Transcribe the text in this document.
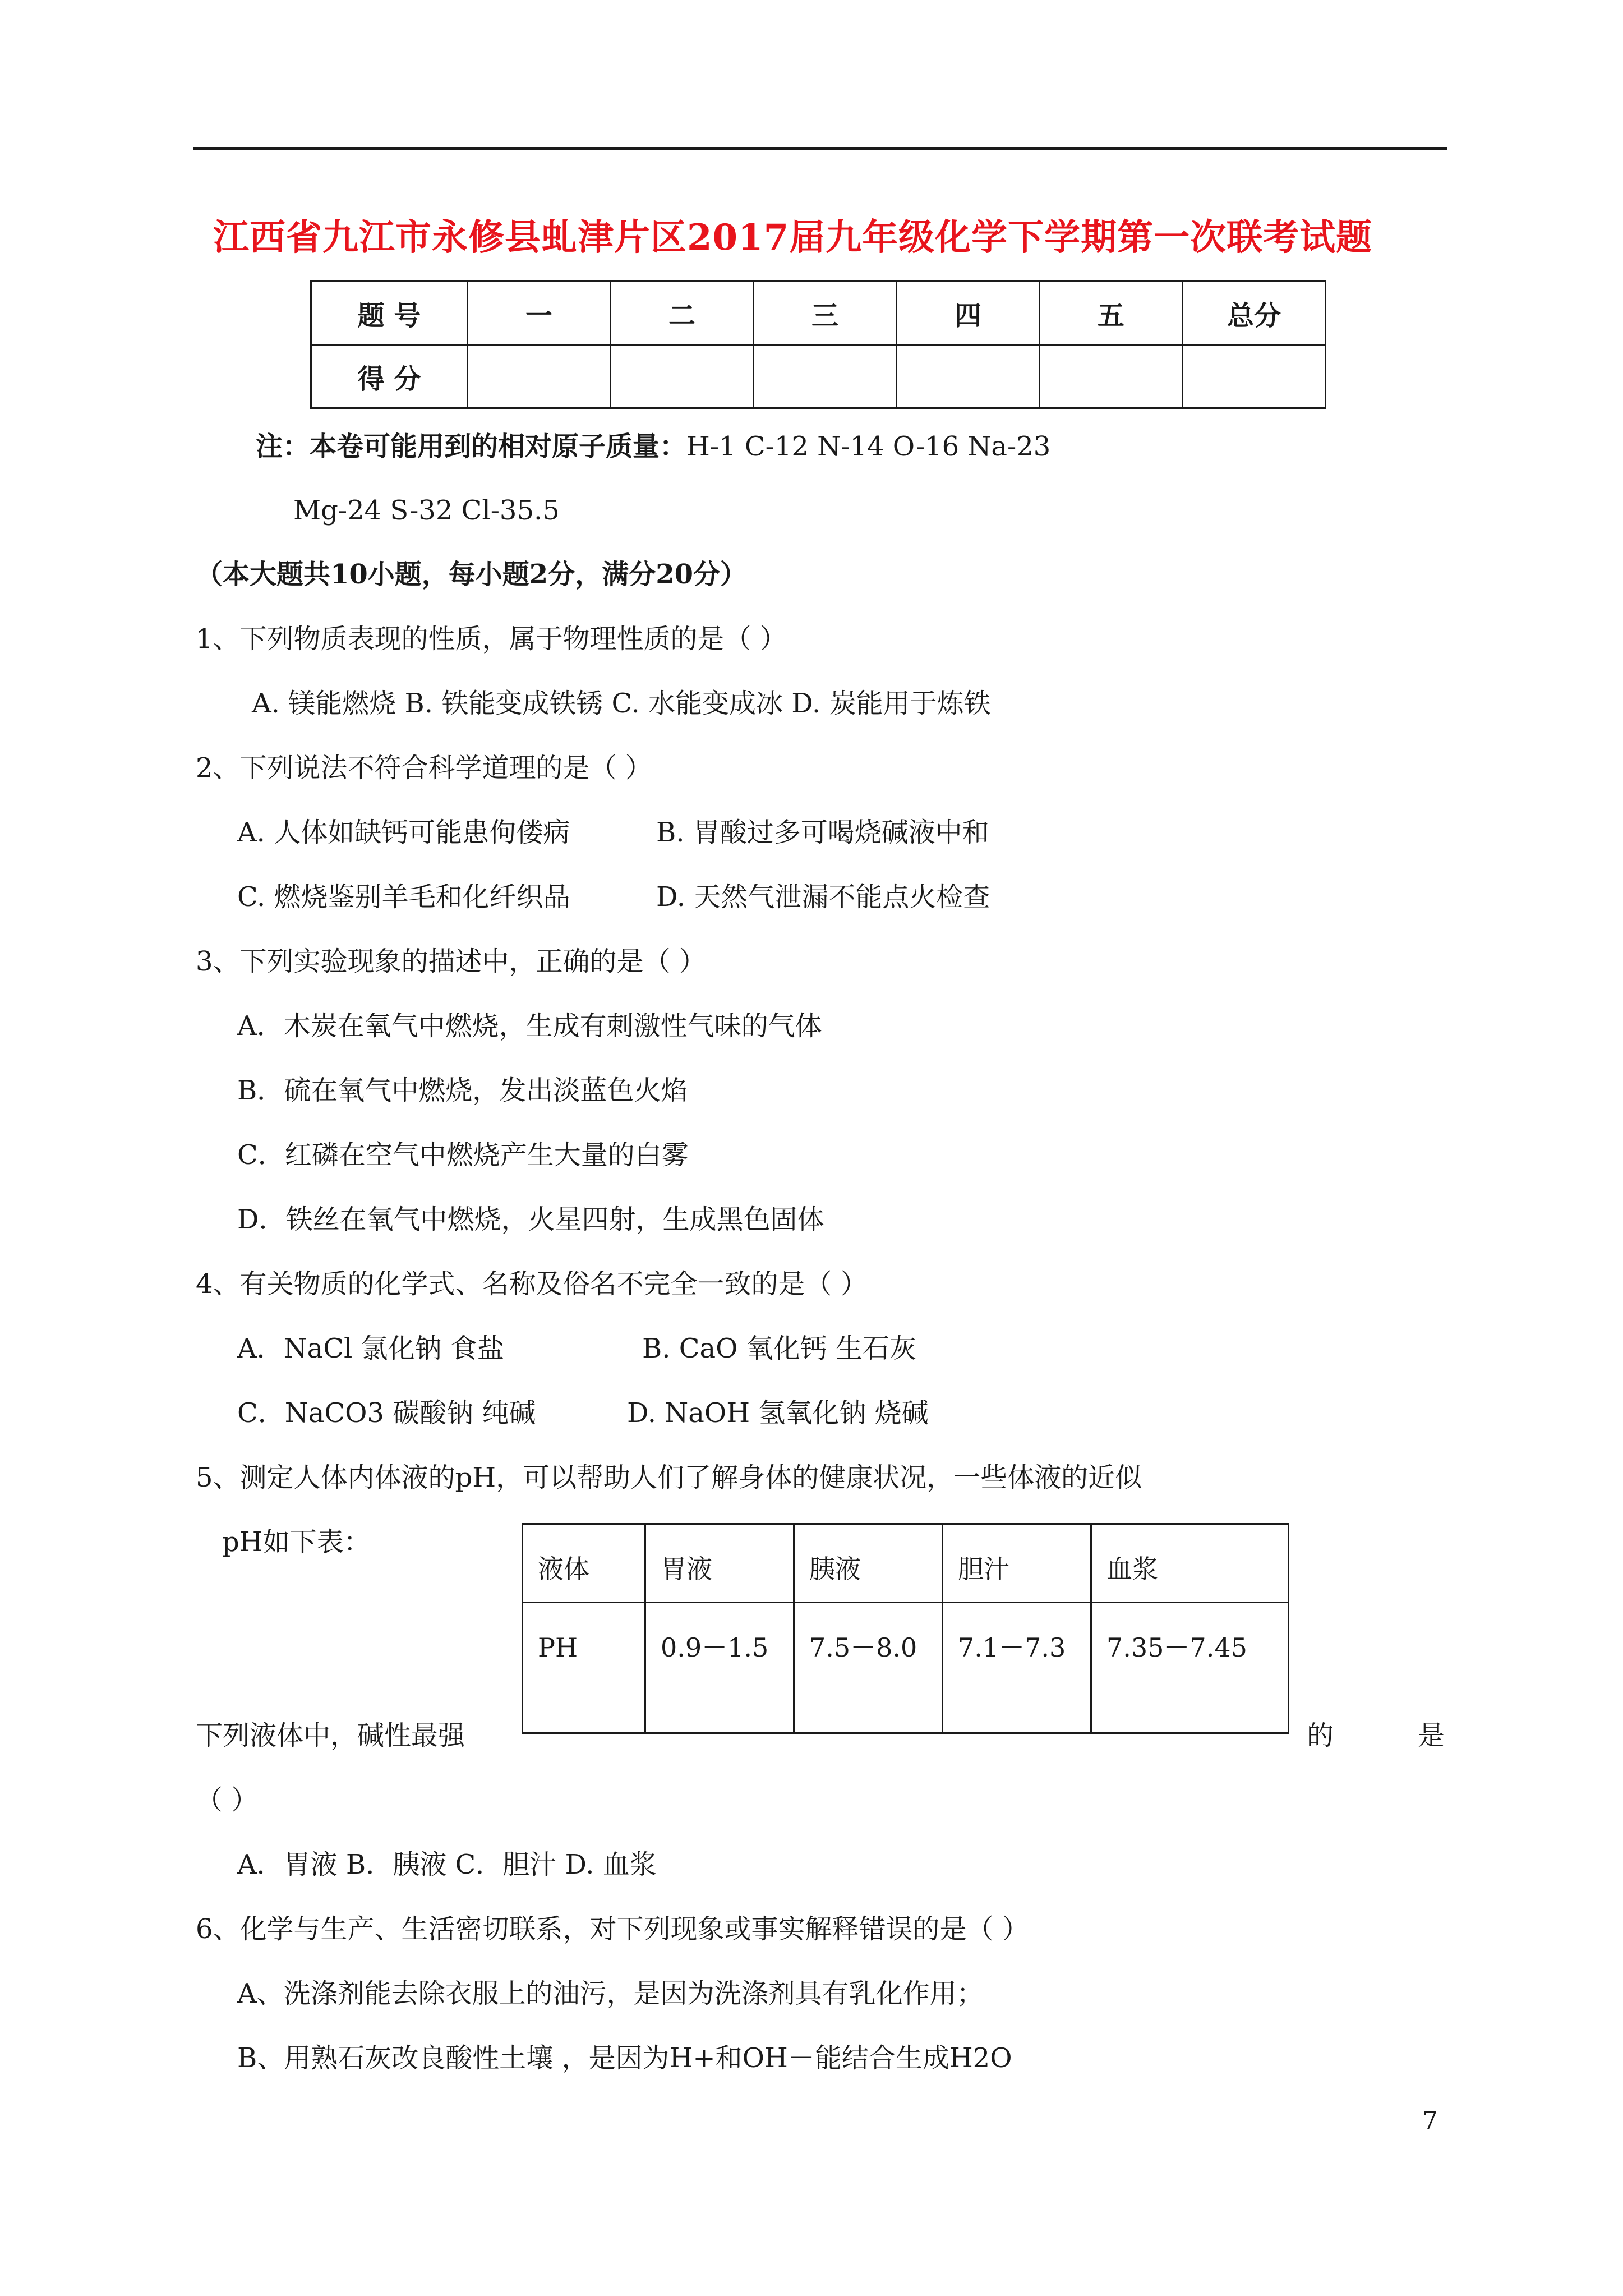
江西省九江市永修县虬津片区2017届九年级化学下学期第一次联考试题
题 号	一	二	三	四	五	总分
得 分						
注：本卷可能用到的相对原子质量：H-1 C-12 N-14 O-16 Na-23
Mg-24 S-32 Cl-35.5
（本大题共10小题，每小题2分，满分20分）
1、下列物质表现的性质，属于物理性质的是（ ）
A. 镁能燃烧 B. 铁能变成铁锈 C. 水能变成冰 D. 炭能用于炼铁
2、下列说法不符合科学道理的是（ ）
A. 人体如缺钙可能患佝偻病	B. 胃酸过多可喝烧碱液中和
C. 燃烧鉴别羊毛和化纤织品	D. 天然气泄漏不能点火检查
3、下列实验现象的描述中，正确的是（ ）
A．木炭在氧气中燃烧，生成有刺激性气味的气体
B．硫在氧气中燃烧，发出淡蓝色火焰
C．红磷在空气中燃烧产生大量的白雾
D．铁丝在氧气中燃烧，火星四射，生成黑色固体
4、有关物质的化学式、名称及俗名不完全一致的是（ ）
A．NaCl 氯化钠 食盐	B. CaO 氧化钙 生石灰
C．NaCO3 碳酸钠 纯碱	D. NaOH 氢氧化钠 烧碱
5、测定人体内体液的pH，可以帮助人们了解身体的健康状况，一些体液的近似
pH如下表：
液体	胃液	胰液	胆汁	血浆
PH	0.9－1.5	7.5－8.0	7.1－7.3	7.35－7.45
下列液体中，碱性最强	的	是
（ ）
A．胃液 B．胰液 C．胆汁 D. 血浆
6、化学与生产、生活密切联系，对下列现象或事实解释错误的是（ ）
A、洗涤剂能去除衣服上的油污，是因为洗涤剂具有乳化作用；
B、用熟石灰改良酸性土壤 ，是因为H+和OH－能结合生成H2O
7
